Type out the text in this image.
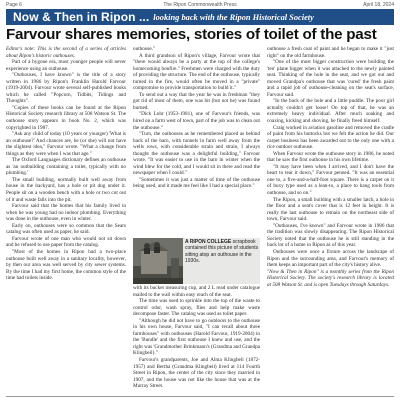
Page 6	The Ripon Commonwealth Press	April 18, 2024
Now & Then in Ripon ... looking back with the Ripon Historical Society
Farvour shares memories, stories of toilet of the past

Editor's note: This is the second of a series of articles about Ripon's historic outhouses.

Part of a bygone era, most younger people will never experience using an outhouse.

"Outhouses, I have known" is the title of a story written in 1986 by Ripon's Franklin Harold Farvour (1919-2004). Farvour wrote several self-published books which he called "Popcorn, Tidbits, Tidings and Thoughts".

"Copies of these books can be found at the Ripon Historical Society research library at 508 Watson St. The outhouse story appears in book No. 2, which was copyrighted in 1987.

"Ask any child of today (10 years or younger) 'What is an outhouse?' And chances are, he (or she) will not have the slightest idea," Farvour wrote. "What a change from things as they were when I was that age."

The Oxford Languages dictionary defines an outhouse as 'an outbuilding containing a toilet, typically with no plumbing.'

The small building, normally built well away from house in the backyard, has a hole or pit dug under it. People sit on a wooden bench with a hole or two cut out of it and waste falls into the pit.

Farvour said that the homes that his family lived in when he was young had no indoor plumbing. Everything was done in the outhouse, even in winter.

Early on, outhouses were so common that the Sears catalog was often used as paper, he said.

Farvour wrote of one man who would not sit down and he refused to use paper from the catalog.

"Most of the homes in Ripon had a two-place outhouse built well away in a sanitary locality, however, by then our area was well served by city sewer systems. By the time I had my first home, the common style of the time had toilets inside.

outhouse."

A third grandson of Ripon's village, Farvour wrote that "there would always be a party at the top of the college's homecoming bonfire." Freshmen were charged with the duty of providing the structure. The end of the outhouse, typically turned in the fire, would often be moved in a "private" compromise to provide transportation to build it."

To send out a way that the year he was in freshman "they got rid of most of them, one was hit (but not he) was found burned.

"Dick Lohr (1953-1981), one of Farvour's friends, was hired on a farm west of town, part of the job was to clean out the outhouse."

"Turn, the outhouses as he remembered placed as behind back of the barn, with tunnels in farm well away from the wells rows, with considerable strain and strain, I always thought the outhouse was a delightful building," Farvour wrote. "It was easier to use in the barn in winter when the wind blew for the cold, and I would sit in there and read the newspaper when I could."

"Sometimes it was just a matter of time of the outhouse being used, and it made me feel like I had a special place."

A RIPON COLLEGE scrapbook contained this picture of students sitting atop an outhouse in the 1930s.

with its bucket measuring cup, and 2 L read under catalogue mailed to the wall within easy reach of the seat.

The time was used to sprinkle into the top of the waste to control odor, wash spray, flies and help make waste decompose faster. The catalog was used as toilet paper.

"Although he did not have to go outdoors to the outhouse in his own house, Farvour said, "I can recall about three farmhouses" with outhouses (Harold Farvour, 1919-2004) in the 'Bundle' and the first outhouse I knew and use, and the right was 'Grandmother Brinkmann's (Grandma and Grandpa Klingbeil)."

Farvour's grandparents, Joe and Alma Klingbeil (1872-1957) and Bertha (Grandma Klingbeil) lived at 114 Fourth Street in Ripon, the center of the city since they married in 1907, and the house was not like the house that was at the Murray Street.

outhouse a fresh coat of paint and he began to make it "just right" on the old farmhouse.

"One of the most bigger construction were building the 'ten' plane bigger when it was attached to the newly painted seat. Thinking of the hole in the seat, and we got out and moved Grandpa's outhouse that was 'cured' the fresh paint and a rapid job of outhouse-cleaning on the seat's surface, Farvour said.

"In the back of the hole and a little puddle. The poor girl actually couldn't get loose! On top of that, he was an extremely heavy individual. After much soaking and coaxing, kicking and shoving, he finally freed himself.

Craig worked in aviation gasoline and removed the cradle of paint from his buttocks but we felt the action he did. Our carpet business has been awarded out to the only one with a rice outdoor outhouse.

When Farvour wrote the outhouse story in 1986, he noted that he saw the first outhouse in his own lifetime.

"It may have been when I arrived, and I don't have the heart to tear it down," Farvour penned. "It was an essential one to, a five-and-a-half-foot square. There is a carpet on it of boxy type used as a lean-to, a place to hang tools from outhouse, and so on."

The Ripon, a small building with a smaller latch, a hole in the floor and a seat's cover that is 12 feet in height. It is really the last outhouse to remain on the northeast side of town, Farvour said.

"Outhouses, I've known" and Farvour wrote in 1986 that the tradition was slowly disappearing. The Ripon Historical Society noted that the outhouse he is still standing in the back lot of a home in Ripon as of this year.

Outhouses were once a fixture across the landscape of Ripon and the surrounding area, and Farvour's memory of them keeps an important part of the city's history alive.

"Now & Then in Ripon" is a monthly series from the Ripon Historical Society. The society's research library is located at 508 Watson St. and is open Tuesdays through Saturdays.
